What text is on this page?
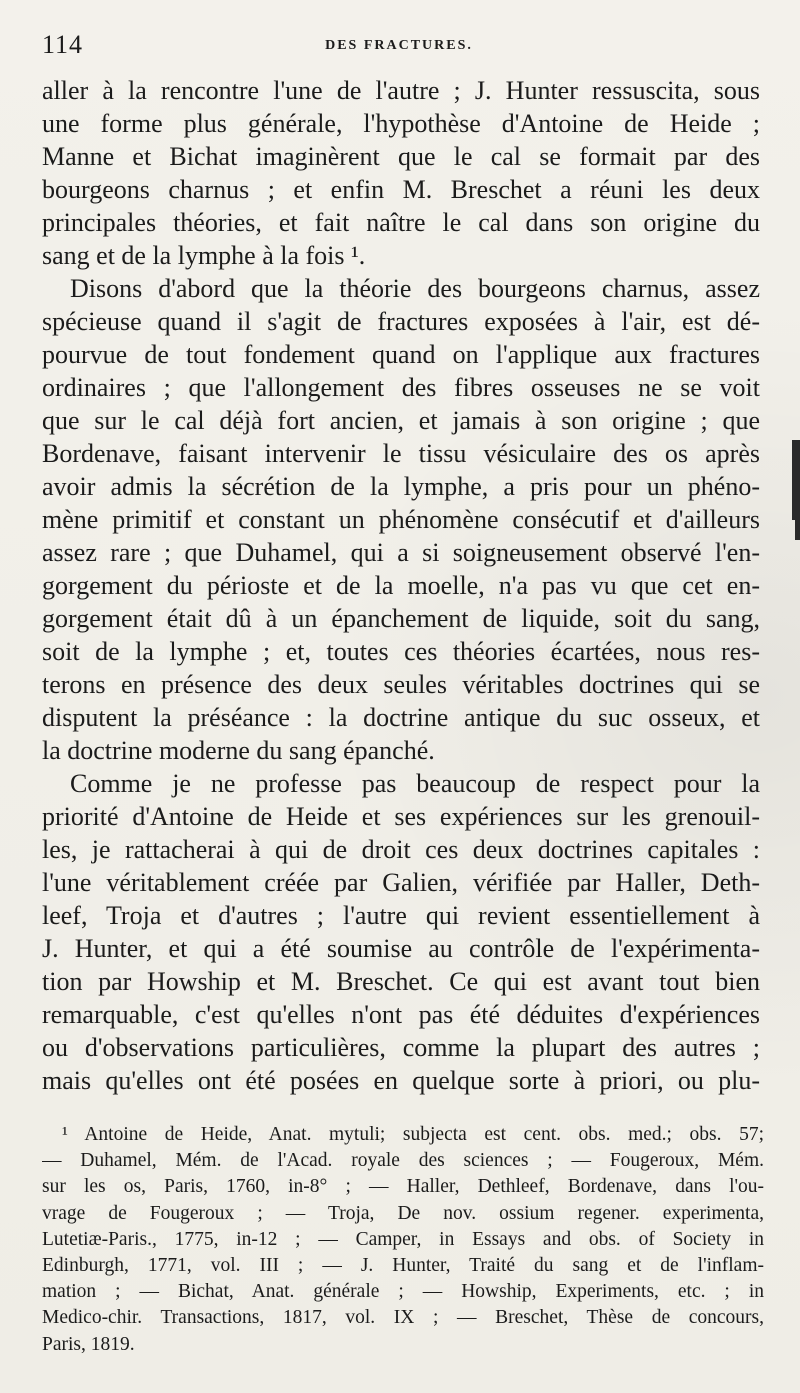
114	DES FRACTURES.
aller à la rencontre l'une de l'autre ; J. Hunter ressuscita, sous
une forme plus générale, l'hypothèse d'Antoine de Heide ;
Manne et Bichat imaginèrent que le cal se formait par des
bourgeons charnus ; et enfin M. Breschet a réuni les deux
principales théories, et fait naître le cal dans son origine du
sang et de la lymphe à la fois ¹.
Disons d'abord que la théorie des bourgeons charnus, assez
spécieuse quand il s'agit de fractures exposées à l'air, est dé-
pourvue de tout fondement quand on l'applique aux fractures
ordinaires ; que l'allongement des fibres osseuses ne se voit
que sur le cal déjà fort ancien, et jamais à son origine ; que
Bordenave, faisant intervenir le tissu vésiculaire des os après
avoir admis la sécrétion de la lymphe, a pris pour un phéno-
mène primitif et constant un phénomène consécutif et d'ailleurs
assez rare ; que Duhamel, qui a si soigneusement observé l'en-
gorgement du périoste et de la moelle, n'a pas vu que cet en-
gorgement était dû à un épanchement de liquide, soit du sang,
soit de la lymphe ; et, toutes ces théories écartées, nous res-
terons en présence des deux seules véritables doctrines qui se
disputent la préséance : la doctrine antique du suc osseux, et
la doctrine moderne du sang épanché.
Comme je ne professe pas beaucoup de respect pour la
priorité d'Antoine de Heide et ses expériences sur les grenouil-
les, je rattacherai à qui de droit ces deux doctrines capitales :
l'une véritablement créée par Galien, vérifiée par Haller, Deth-
leef, Troja et d'autres ; l'autre qui revient essentiellement à
J. Hunter, et qui a été soumise au contrôle de l'expérimenta-
tion par Howship et M. Breschet. Ce qui est avant tout bien
remarquable, c'est qu'elles n'ont pas été déduites d'expériences
ou d'observations particulières, comme la plupart des autres ;
mais qu'elles ont été posées en quelque sorte à priori, ou plu-
¹ Antoine de Heide, Anat. mytuli; subjecta est cent. obs. med.; obs. 57;
— Duhamel, Mém. de l'Acad. royale des sciences ; — Fougeroux, Mém.
sur les os, Paris, 1760, in-8° ; — Haller, Dethleef, Bordenave, dans l'ou-
vrage de Fougeroux ; — Troja, De nov. ossium regener. experimenta,
Lutetiæ-Paris., 1775, in-12 ; — Camper, in Essays and obs. of Society in
Edinburgh, 1771, vol. III ; — J. Hunter, Traité du sang et de l'inflam-
mation ; — Bichat, Anat. générale ; — Howship, Experiments, etc. ; in
Medico-chir. Transactions, 1817, vol. IX ; — Breschet, Thèse de concours,
Paris, 1819.
